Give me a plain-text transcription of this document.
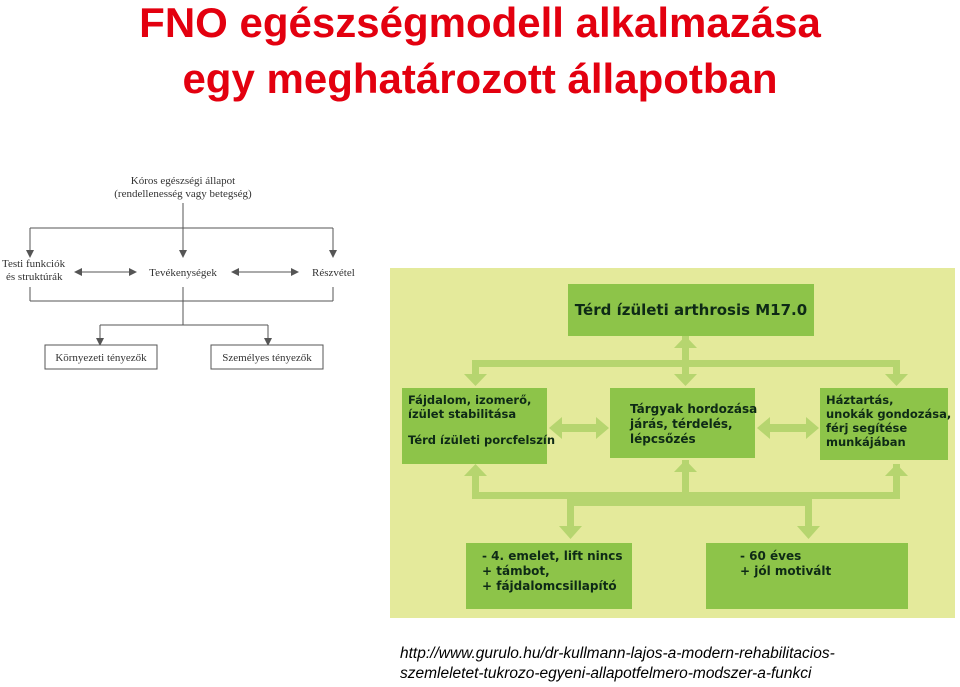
FNO egészségmodell alkalmazása
egy meghatározott állapotban
Kóros egészségi állapot
(rendellenesség vagy betegség)
Testi funkciók
és struktúrák	Tevékenységek	Részvétel
Környezeti tényezők	Személyes tényezők
Térd ízületi arthrosis M17.0
Fájdalom, izomerő,
ízület stabilitása
Térd ízületi porcfelszín
Tárgyak hordozása
járás, térdelés,
lépcsőzés
Háztartás,
unokák gondozása,
férj segítése
munkájában
- 4. emelet, lift nincs
+ támbot,
+ fájdalomcsillapító
- 60 éves
+ jól motivált
http://www.gurulo.hu/dr-kullmann-lajos-a-modern-rehabilitacios-
szemleletet-tukrozo-egyeni-allapotfelmero-modszer-a-funkci
